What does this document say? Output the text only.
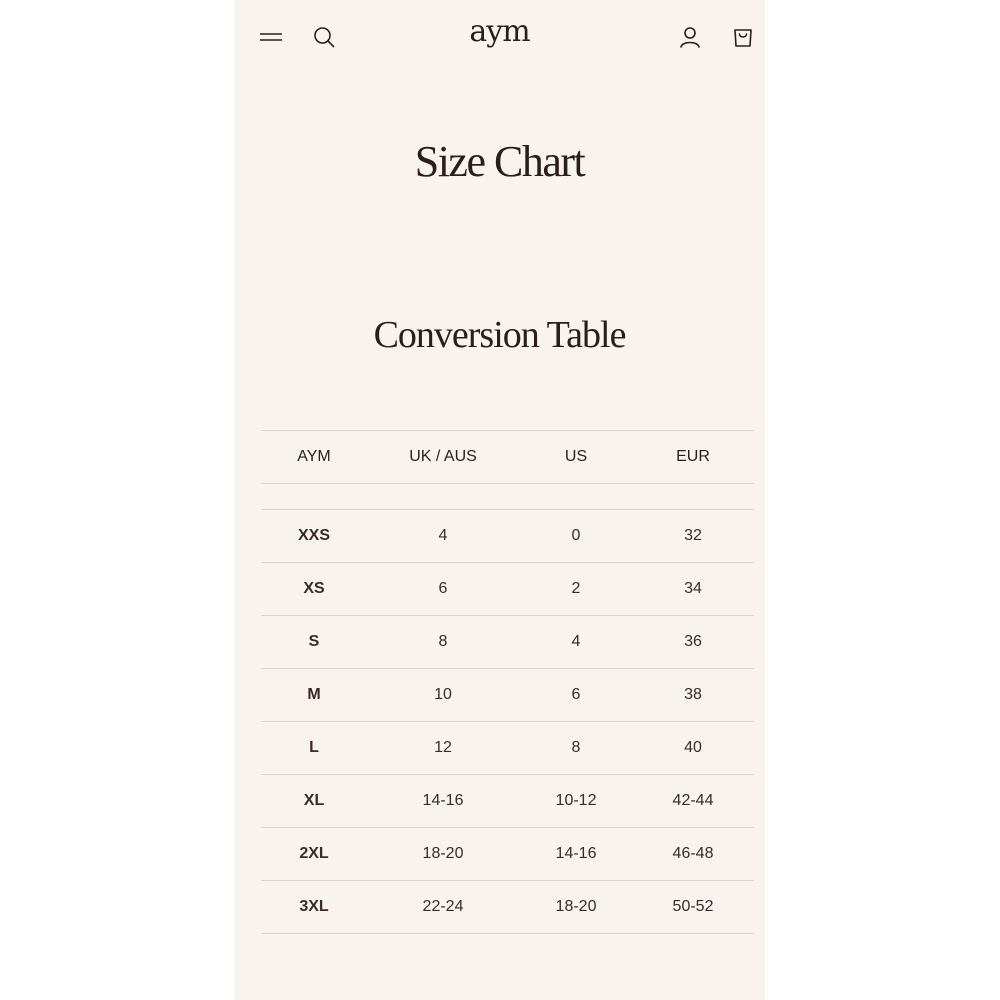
aym
Size Chart
Conversion Table
AYM	UK / AUS	US	EUR
XXS	4	0	32
XS	6	2	34
S	8	4	36
M	10	6	38
L	12	8	40
XL	14-16	10-12	42-44
2XL	18-20	14-16	46-48
3XL	22-24	18-20	50-52
